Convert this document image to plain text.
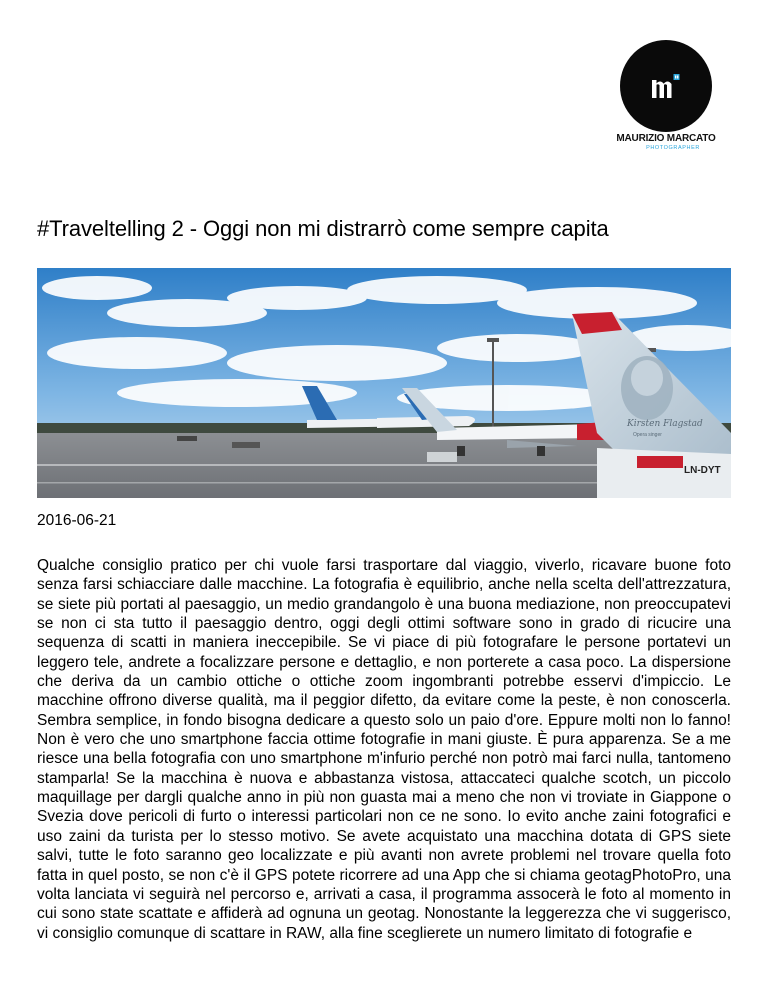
MAURIZIO MARCATO
PHOTOGRAPHER
#Traveltelling 2 - Oggi non mi distrarrò come sempre capita
Kirsten Flagstad
Opera singer
LN-DYT
2016-06-21

Qualche consiglio pratico per chi vuole farsi trasportare dal viaggio, viverlo, ricavare buone foto senza farsi schiacciare dalle macchine. La fotografia è equilibrio, anche nella scelta dell'attrezzatura, se siete più portati al paesaggio, un medio grandangolo è una buona mediazione, non preoccupatevi se non ci sta tutto il paesaggio dentro, oggi degli ottimi software sono in grado di ricucire una sequenza di scatti in maniera ineccepibile. Se vi piace di più fotografare le persone portatevi un leggero tele, andrete a focalizzare persone e dettaglio, e non porterete a casa poco. La dispersione che deriva da un cambio ottiche o ottiche zoom ingombranti potrebbe esservi d'impiccio. Le macchine offrono diverse qualità, ma il peggior difetto, da evitare come la peste, è non conoscerla. Sembra semplice, in fondo bisogna dedicare a questo solo un paio d'ore. Eppure molti non lo fanno! Non è vero che uno smartphone faccia ottime fotografie in mani giuste. È pura apparenza. Se a me riesce una bella fotografia con uno smartphone m'infurio perché non potrò mai farci nulla, tantomeno stamparla! Se la macchina è nuova e abbastanza vistosa, attaccateci qualche scotch, un piccolo maquillage per dargli qualche anno in più non guasta mai a meno che non vi troviate in Giappone o Svezia dove pericoli di furto o interessi particolari non ce ne sono. Io evito anche zaini fotografici e uso zaini da turista per lo stesso motivo. Se avete acquistato una macchina dotata di GPS siete salvi, tutte le foto saranno geo localizzate e più avanti non avrete problemi nel trovare quella foto fatta in quel posto, se non c'è il GPS potete ricorrere ad una App che si chiama geotagPhotoPro, una volta lanciata vi seguirà nel percorso e, arrivati a casa, il programma assocerà le foto al momento in cui sono state scattate e affiderà ad ognuna un geotag. Nonostante la leggerezza che vi suggerisco, vi consiglio comunque di scattare in RAW, alla fine sceglierete un numero limitato di fotografie e
